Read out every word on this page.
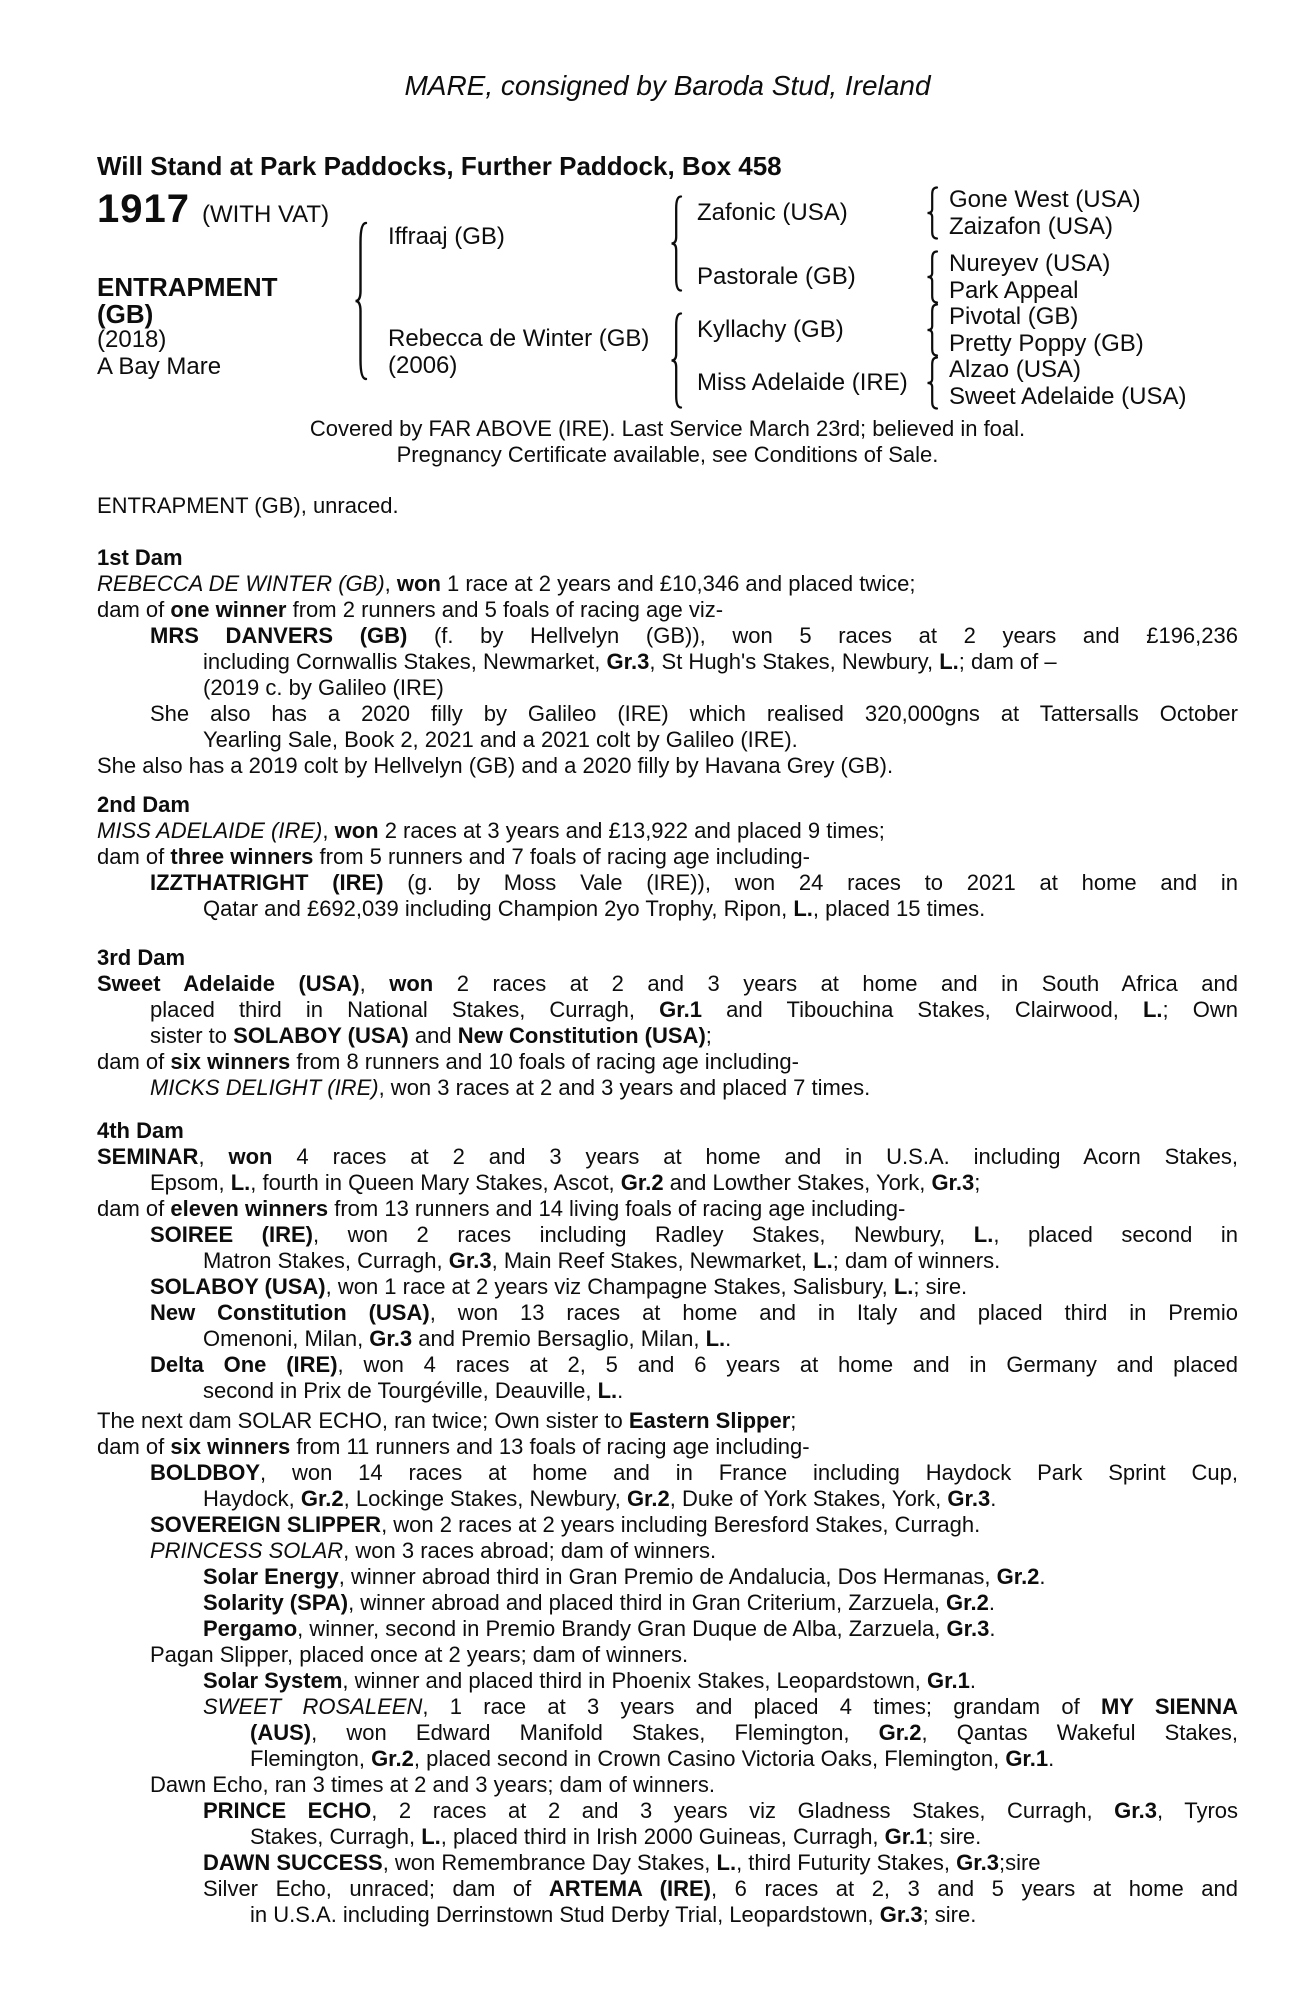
MARE, consigned by Baroda Stud, Ireland
Will Stand at Park Paddocks, Further Paddock, Box 458
1917 (WITH VAT)
ENTRAPMENT
(GB)
(2018)
A Bay Mare
Iffraaj (GB)
Rebecca de Winter (GB)
(2006)
Zafonic (USA)
Pastorale (GB)
Kyllachy (GB)
Miss Adelaide (IRE)
Gone West (USA)
Zaizafon (USA)
Nureyev (USA)
Park Appeal
Pivotal (GB)
Pretty Poppy (GB)
Alzao (USA)
Sweet Adelaide (USA)
Covered by FAR ABOVE (IRE). Last Service March 23rd; believed in foal.
Pregnancy Certificate available, see Conditions of Sale.
ENTRAPMENT (GB), unraced.
1st Dam
REBECCA DE WINTER (GB), won 1 race at 2 years and £10,346 and placed twice;
dam of one winner from 2 runners and 5 foals of racing age viz-
MRS DANVERS (GB) (f. by Hellvelyn (GB)), won 5 races at 2 years and £196,236
including Cornwallis Stakes, Newmarket, Gr.3, St Hugh's Stakes, Newbury, L.; dam of –
(2019 c. by Galileo (IRE)
She also has a 2020 filly by Galileo (IRE) which realised 320,000gns at Tattersalls October
Yearling Sale, Book 2, 2021 and a 2021 colt by Galileo (IRE).
She also has a 2019 colt by Hellvelyn (GB) and a 2020 filly by Havana Grey (GB).
2nd Dam
MISS ADELAIDE (IRE), won 2 races at 3 years and £13,922 and placed 9 times;
dam of three winners from 5 runners and 7 foals of racing age including-
IZZTHATRIGHT (IRE) (g. by Moss Vale (IRE)), won 24 races to 2021 at home and in
Qatar and £692,039 including Champion 2yo Trophy, Ripon, L., placed 15 times.
3rd Dam
Sweet Adelaide (USA), won 2 races at 2 and 3 years at home and in South Africa and
placed third in National Stakes, Curragh, Gr.1 and Tibouchina Stakes, Clairwood, L.; Own
sister to SOLABOY (USA) and New Constitution (USA);
dam of six winners from 8 runners and 10 foals of racing age including-
MICKS DELIGHT (IRE), won 3 races at 2 and 3 years and placed 7 times.
4th Dam
SEMINAR, won 4 races at 2 and 3 years at home and in U.S.A. including Acorn Stakes,
Epsom, L., fourth in Queen Mary Stakes, Ascot, Gr.2 and Lowther Stakes, York, Gr.3;
dam of eleven winners from 13 runners and 14 living foals of racing age including-
SOIREE (IRE), won 2 races including Radley Stakes, Newbury, L., placed second in
Matron Stakes, Curragh, Gr.3, Main Reef Stakes, Newmarket, L.; dam of winners.
SOLABOY (USA), won 1 race at 2 years viz Champagne Stakes, Salisbury, L.; sire.
New Constitution (USA), won 13 races at home and in Italy and placed third in Premio
Omenoni, Milan, Gr.3 and Premio Bersaglio, Milan, L..
Delta One (IRE), won 4 races at 2, 5 and 6 years at home and in Germany and placed
second in Prix de Tourgéville, Deauville, L..
The next dam SOLAR ECHO, ran twice; Own sister to Eastern Slipper;
dam of six winners from 11 runners and 13 foals of racing age including-
BOLDBOY, won 14 races at home and in France including Haydock Park Sprint Cup,
Haydock, Gr.2, Lockinge Stakes, Newbury, Gr.2, Duke of York Stakes, York, Gr.3.
SOVEREIGN SLIPPER, won 2 races at 2 years including Beresford Stakes, Curragh.
PRINCESS SOLAR, won 3 races abroad; dam of winners.
Solar Energy, winner abroad third in Gran Premio de Andalucia, Dos Hermanas, Gr.2.
Solarity (SPA), winner abroad and placed third in Gran Criterium, Zarzuela, Gr.2.
Pergamo, winner, second in Premio Brandy Gran Duque de Alba, Zarzuela, Gr.3.
Pagan Slipper, placed once at 2 years; dam of winners.
Solar System, winner and placed third in Phoenix Stakes, Leopardstown, Gr.1.
SWEET ROSALEEN, 1 race at 3 years and placed 4 times; grandam of MY SIENNA
(AUS), won Edward Manifold Stakes, Flemington, Gr.2, Qantas Wakeful Stakes,
Flemington, Gr.2, placed second in Crown Casino Victoria Oaks, Flemington, Gr.1.
Dawn Echo, ran 3 times at 2 and 3 years; dam of winners.
PRINCE ECHO, 2 races at 2 and 3 years viz Gladness Stakes, Curragh, Gr.3, Tyros
Stakes, Curragh, L., placed third in Irish 2000 Guineas, Curragh, Gr.1; sire.
DAWN SUCCESS, won Remembrance Day Stakes, L., third Futurity Stakes, Gr.3;sire
Silver Echo, unraced; dam of ARTEMA (IRE), 6 races at 2, 3 and 5 years at home and
in U.S.A. including Derrinstown Stud Derby Trial, Leopardstown, Gr.3; sire.
